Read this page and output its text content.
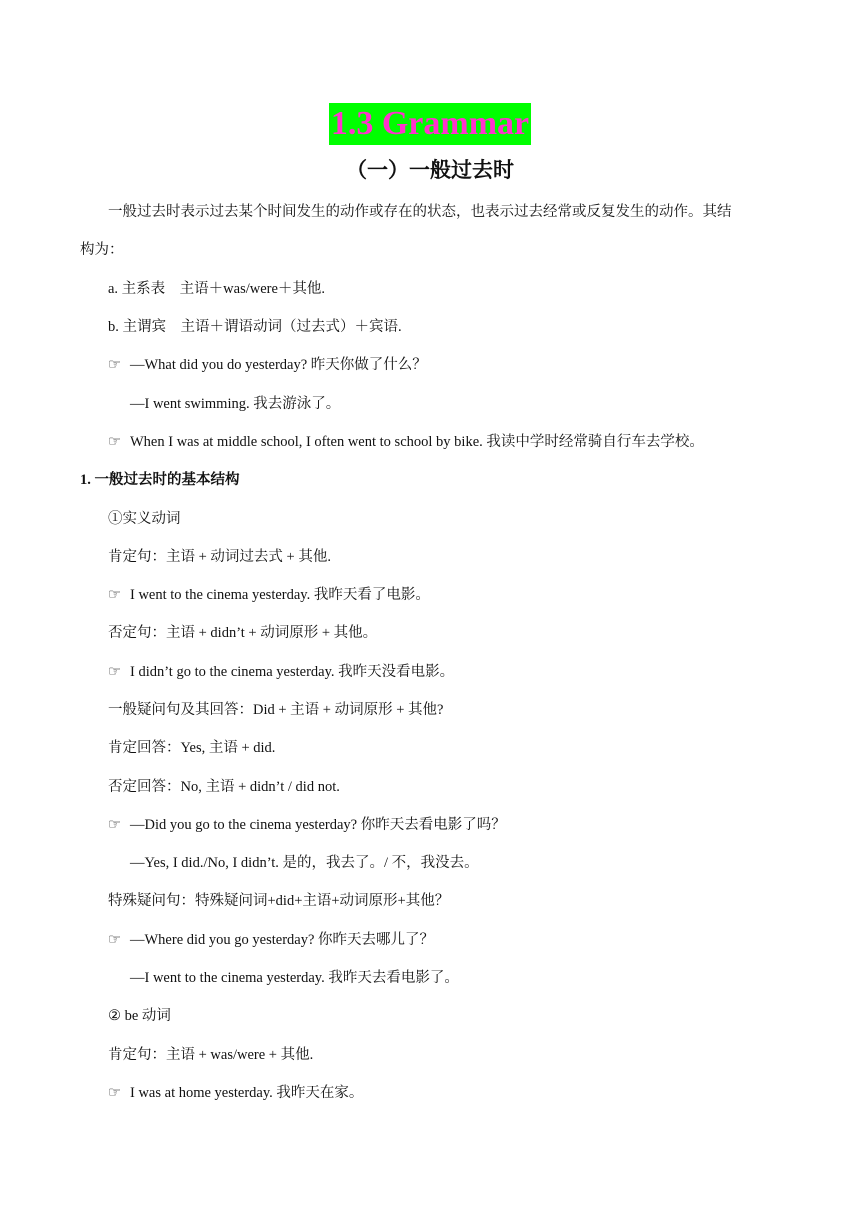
1.3 Grammar
（一）一般过去时
一般过去时表示过去某个时间发生的动作或存在的状态，也表示过去经常或反复发生的动作。其结
构为：
a. 主系表　主语＋was/were＋其他.
b. 主谓宾　主语＋谓语动词（过去式）＋宾语.
☞ —What did you do yesterday? 昨天你做了什么？
—I went swimming. 我去游泳了。
☞ When I was at middle school, I often went to school by bike. 我读中学时经常骑自行车去学校。
1. 一般过去时的基本结构
①实义动词
肯定句：主语 + 动词过去式 + 其他.
☞ I went to the cinema yesterday. 我昨天看了电影。
否定句：主语 + didn’t + 动词原形 + 其他。
☞ I didn’t go to the cinema yesterday. 我昨天没看电影。
一般疑问句及其回答：Did + 主语 + 动词原形 + 其他?
肯定回答：Yes, 主语 + did.
否定回答：No, 主语 + didn’t / did not.
☞ —Did you go to the cinema yesterday? 你昨天去看电影了吗？
—Yes, I did./No, I didn’t. 是的，我去了。/ 不，我没去。
特殊疑问句：特殊疑问词+did+主语+动词原形+其他？
☞ —Where did you go yesterday? 你昨天去哪儿了？
—I went to the cinema yesterday. 我昨天去看电影了。
② be 动词
肯定句：主语 + was/were + 其他.
☞ I was at home yesterday. 我昨天在家。
